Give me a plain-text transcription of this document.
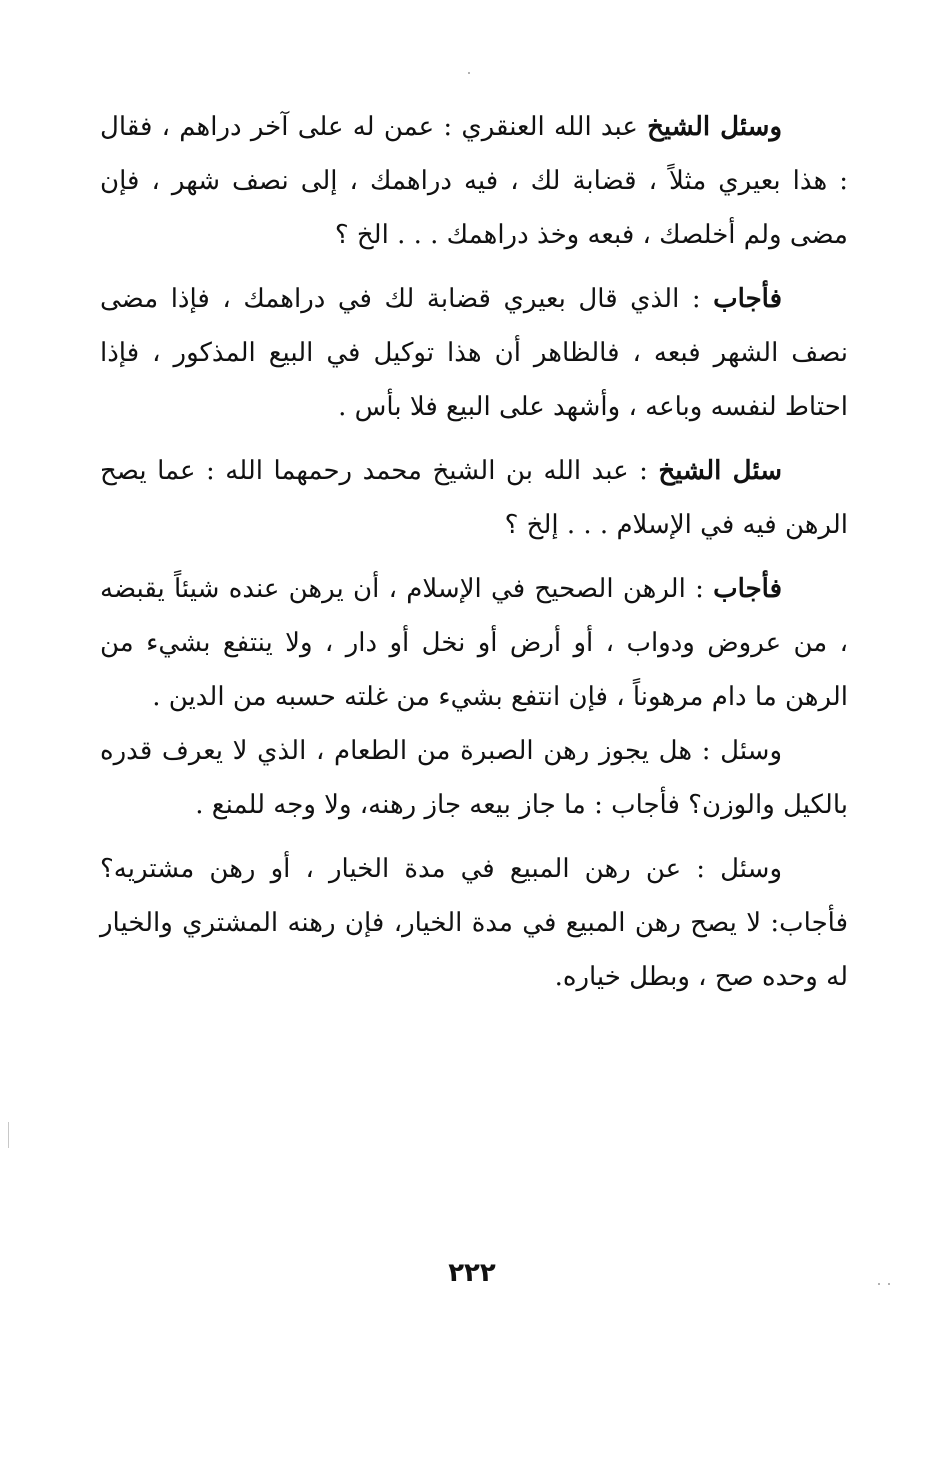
وسئل الشيخ عبد الله العنقري : عمن له على آخر دراهم ، فقال : هذا بعيري مثلاً ، قضابة لك ، فيه دراهمك ، إلى نصف شهر ، فإن مضى ولم أخلصك ، فبعه وخذ دراهمك . . . الخ ؟

فأجاب : الذي قال بعيري قضابة لك في دراهمك ، فإذا مضى نصف الشهر فبعه ، فالظاهر أن هذا توكيل في البيع المذكور ، فإذا احتاط لنفسه وباعه ، وأشهد على البيع فلا بأس .

سئل الشيخ : عبد الله بن الشيخ محمد رحمهما الله : عما يصح الرهن فيه في الإسلام . . . إلخ ؟

فأجاب : الرهن الصحيح في الإسلام ، أن يرهن عنده شيئاً يقبضه ، من عروض ودواب ، أو أرض أو نخل أو دار ، ولا ينتفع بشيء من الرهن ما دام مرهوناً ، فإن انتفع بشيء من غلته حسبه من الدين .

وسئل : هل يجوز رهن الصبرة من الطعام ، الذي لا يعرف قدره بالكيل والوزن؟ فأجاب : ما جاز بيعه جاز رهنه، ولا وجه للمنع .

وسئل : عن رهن المبيع في مدة الخيار ، أو رهن مشتريه؟ فأجاب: لا يصح رهن المبيع في مدة الخيار، فإن رهنه المشتري والخيار له وحده صح ، وبطل خياره.

٢٢٢
